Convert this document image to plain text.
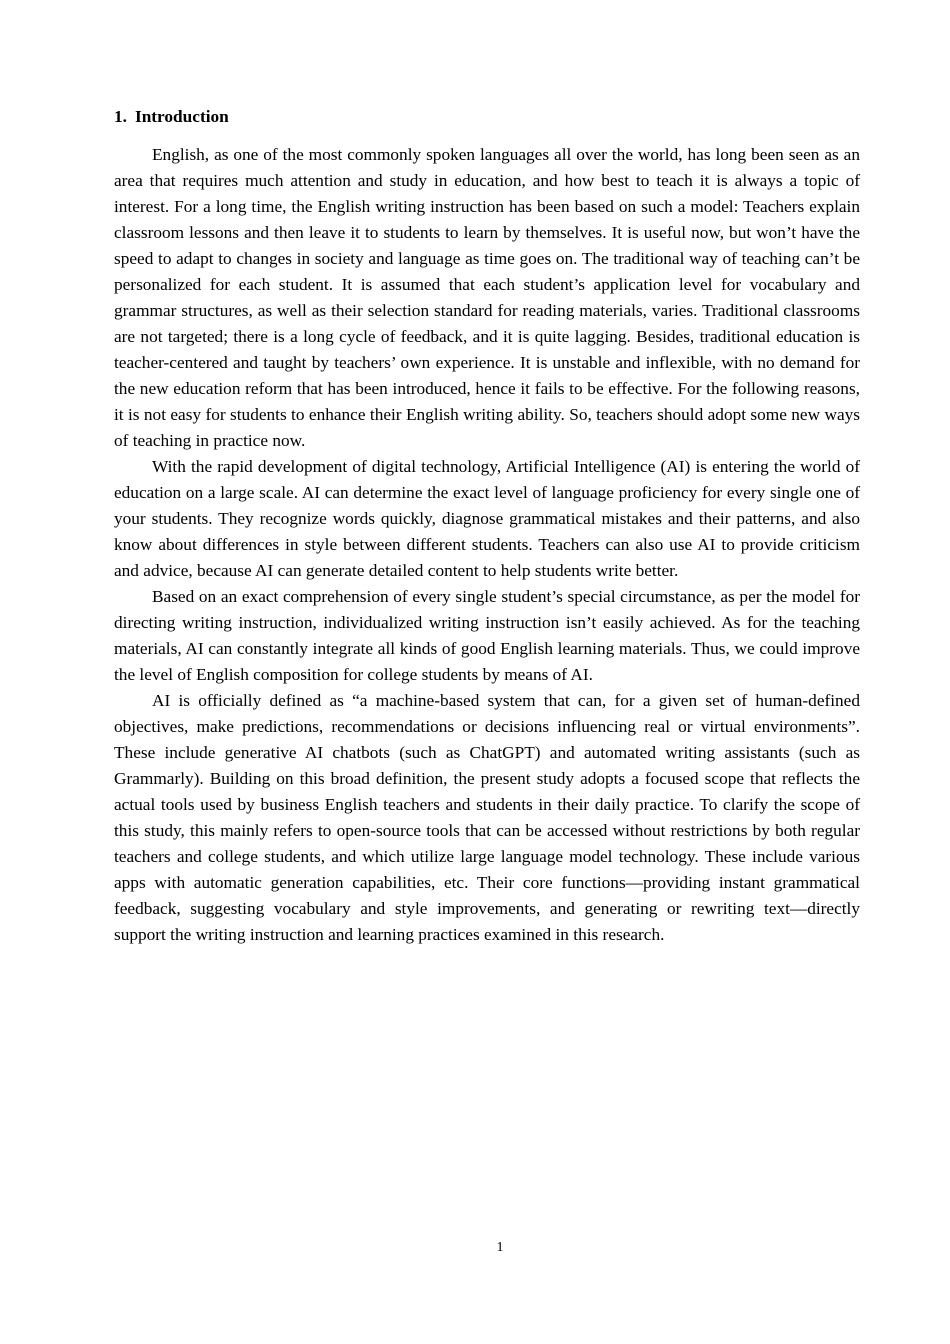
1. Introduction

English, as one of the most commonly spoken languages all over the world, has long been seen as an area that requires much attention and study in education, and how best to teach it is always a topic of interest. For a long time, the English writing instruction has been based on such a model: Teachers explain classroom lessons and then leave it to students to learn by themselves. It is useful now, but won’t have the speed to adapt to changes in society and language as time goes on. The traditional way of teaching can’t be personalized for each student. It is assumed that each student’s application level for vocabulary and grammar structures, as well as their selection standard for reading materials, varies. Traditional classrooms are not targeted; there is a long cycle of feedback, and it is quite lagging. Besides, traditional education is teacher-centered and taught by teachers’ own experience. It is unstable and inflexible, with no demand for the new education reform that has been introduced, hence it fails to be effective. For the following reasons, it is not easy for students to enhance their English writing ability. So, teachers should adopt some new ways of teaching in practice now.

With the rapid development of digital technology, Artificial Intelligence (AI) is entering the world of education on a large scale. AI can determine the exact level of language proficiency for every single one of your students. They recognize words quickly, diagnose grammatical mistakes and their patterns, and also know about differences in style between different students. Teachers can also use AI to provide criticism and advice, because AI can generate detailed content to help students write better.

Based on an exact comprehension of every single student’s special circumstance, as per the model for directing writing instruction, individualized writing instruction isn’t easily achieved. As for the teaching materials, AI can constantly integrate all kinds of good English learning materials. Thus, we could improve the level of English composition for college students by means of AI.

AI is officially defined as “a machine-based system that can, for a given set of human-defined objectives, make predictions, recommendations or decisions influencing real or virtual environments”. These include generative AI chatbots (such as ChatGPT) and automated writing assistants (such as Grammarly). Building on this broad definition, the present study adopts a focused scope that reflects the actual tools used by business English teachers and students in their daily practice. To clarify the scope of this study, this mainly refers to open-source tools that can be accessed without restrictions by both regular teachers and college students, and which utilize large language model technology. These include various apps with automatic generation capabilities, etc. Their core functions—providing instant grammatical feedback, suggesting vocabulary and style improvements, and generating or rewriting text—directly support the writing instruction and learning practices examined in this research.

1
